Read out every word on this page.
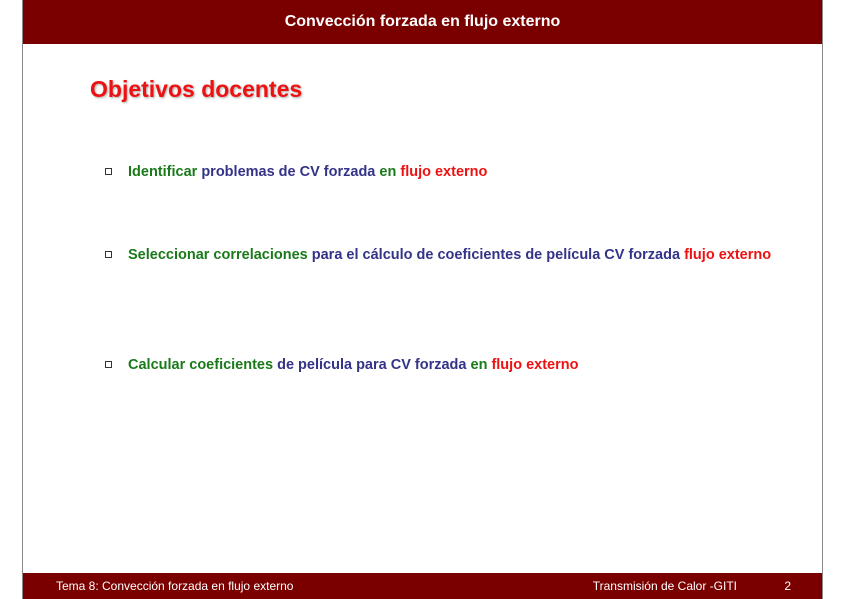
Convección forzada en flujo externo
Objetivos docentes
Identificar problemas de CV forzada en flujo externo
Seleccionar correlaciones para el cálculo de coeficientes de película CV forzada flujo externo
Calcular coeficientes de película para CV forzada en flujo externo
Tema 8: Convección forzada en flujo externo	Transmisión de Calor -GITI	2
